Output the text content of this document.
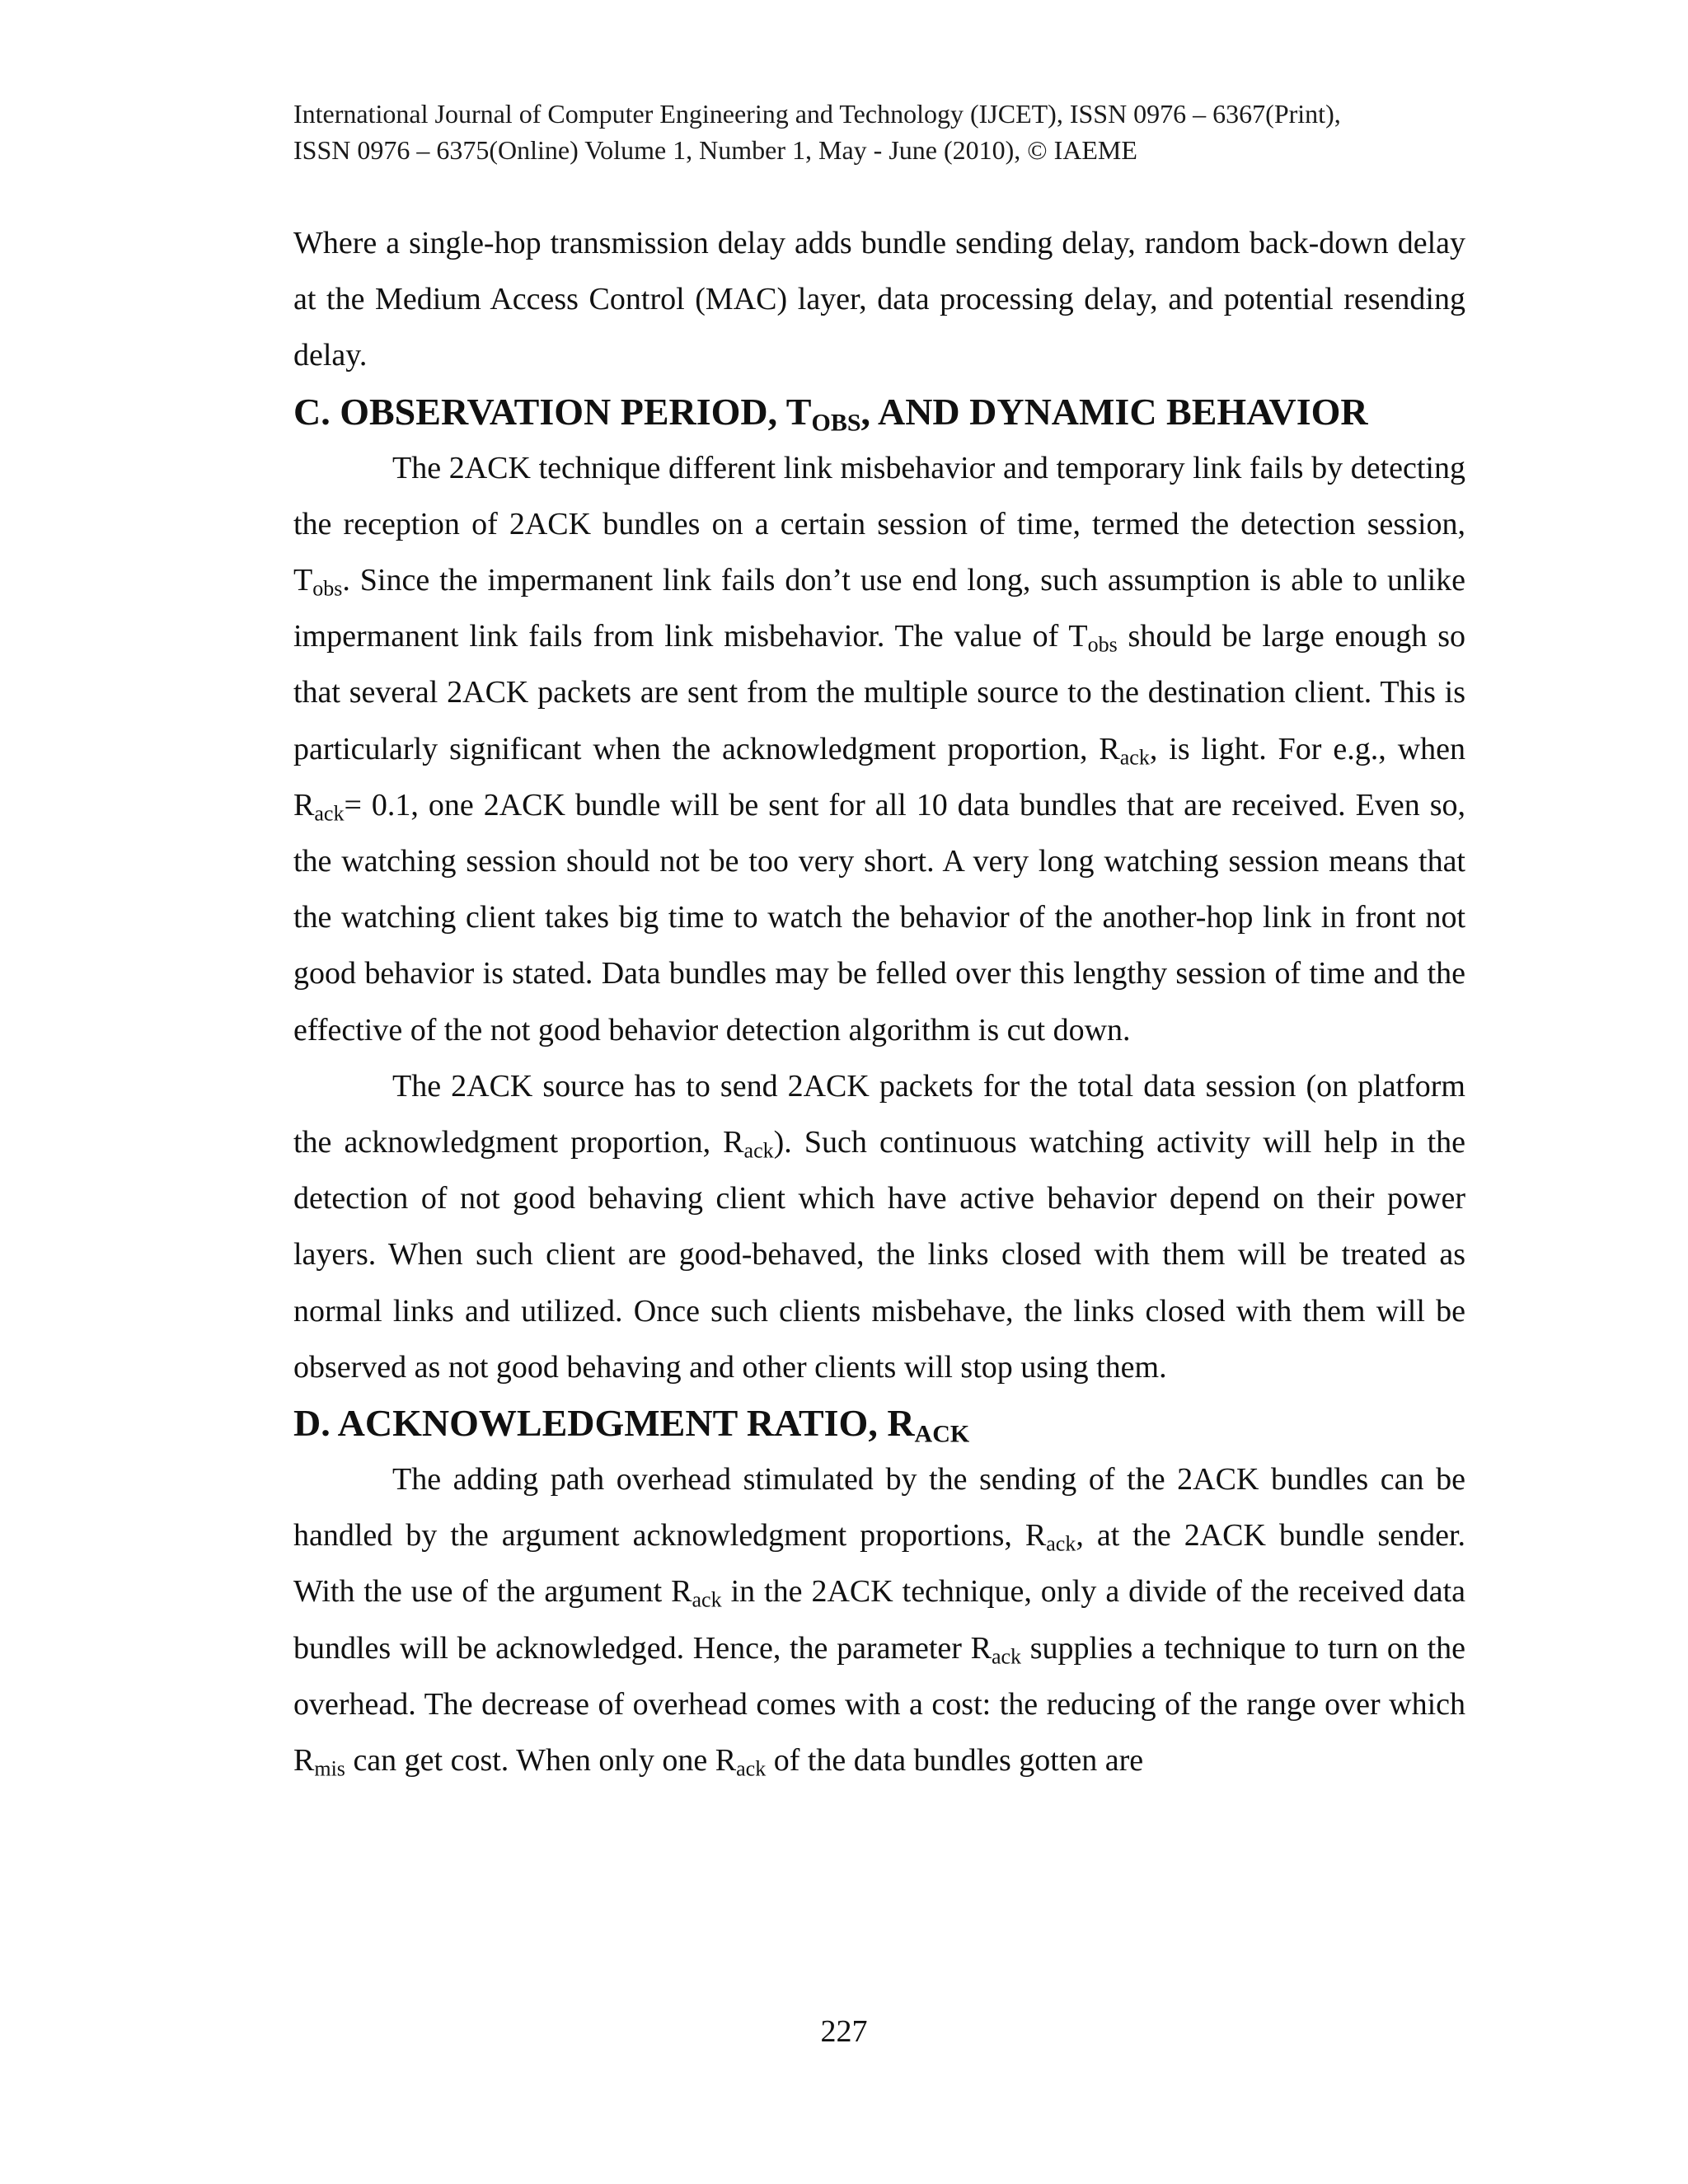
International Journal of Computer Engineering and Technology (IJCET), ISSN 0976 – 6367(Print),
ISSN 0976 – 6375(Online) Volume 1, Number 1, May - June (2010), © IAEME

Where a single-hop transmission delay adds bundle sending delay, random back-down delay at the Medium Access Control (MAC) layer, data processing delay, and potential resending delay.

C. OBSERVATION PERIOD, $T_{OBS}$, AND DYNAMIC BEHAVIOR

The 2ACK technique different link misbehavior and temporary link fails by detecting the reception of 2ACK bundles on a certain session of time, termed the detection session, $T_{obs}$. Since the impermanent link fails don’t use end long, such assumption is able to unlike impermanent link fails from link misbehavior. The value of $T_{obs}$ should be large enough so that several 2ACK packets are sent from the multiple source to the destination client. This is particularly significant when the acknowledgment proportion, $R_{ack}$, is light. For e.g., when $R_{ack}= 0.1$, one 2ACK bundle will be sent for all 10 data bundles that are received. Even so, the watching session should not be too very short. A very long watching session means that the watching client takes big time to watch the behavior of the another-hop link in front not good behavior is stated. Data bundles may be felled over this lengthy session of time and the effective of the not good behavior detection algorithm is cut down.

The 2ACK source has to send 2ACK packets for the total data session (on platform the acknowledgment proportion, $R_{ack}$). Such continuous watching activity will help in the detection of not good behaving client which have active behavior depend on their power layers. When such client are good-behaved, the links closed with them will be treated as normal links and utilized. Once such clients misbehave, the links closed with them will be observed as not good behaving and other clients will stop using them.

D. ACKNOWLEDGMENT RATIO, $R_{ACK}$

The adding path overhead stimulated by the sending of the 2ACK bundles can be handled by the argument acknowledgment proportions, $R_{ack}$, at the 2ACK bundle sender. With the use of the argument $R_{ack}$ in the 2ACK technique, only a divide of the received data bundles will be acknowledged. Hence, the parameter $R_{ack}$ supplies a technique to turn on the overhead. The decrease of overhead comes with a cost: the reducing of the range over which $R_{mis}$ can get cost. When only one $R_{ack}$ of the data bundles gotten are

227
